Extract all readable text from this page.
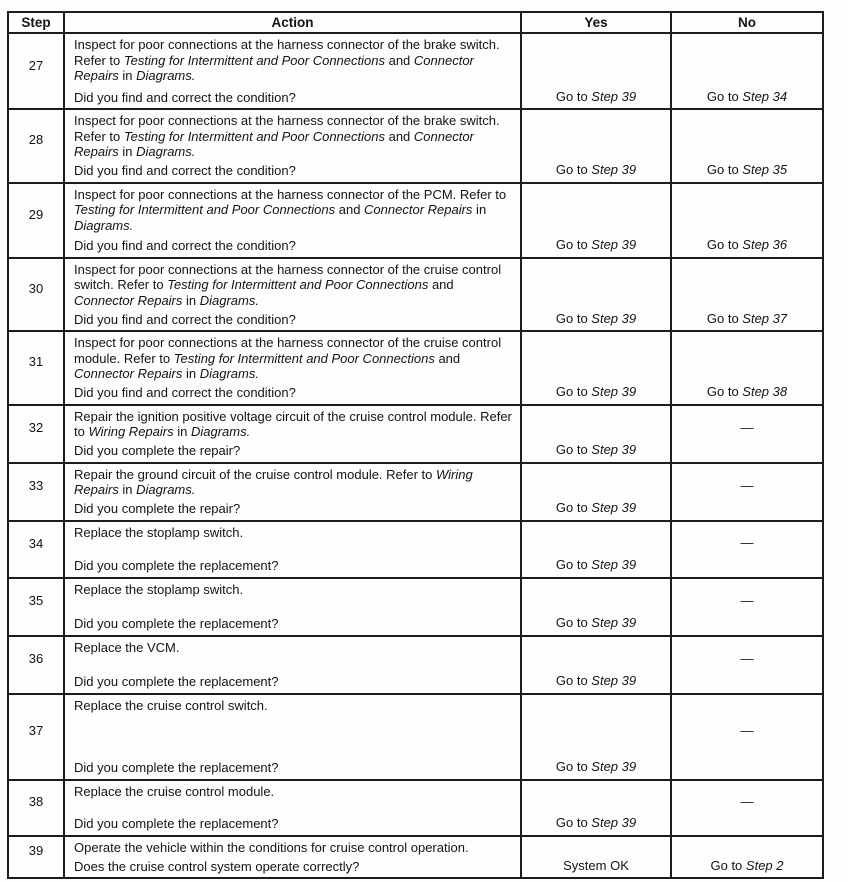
Step	Action	Yes	No
27	Inspect for poor connections at the harness connector of the brake switch. Refer to Testing for Intermittent and Poor Connections and Connector Repairs in Diagrams.
Did you find and correct the condition?	Go to Step 39	Go to Step 34

28	Inspect for poor connections at the harness connector of the brake switch. Refer to Testing for Intermittent and Poor Connections and Connector Repairs in Diagrams.
Did you find and correct the condition?	Go to Step 39	Go to Step 35

29	Inspect for poor connections at the harness connector of the PCM. Refer to Testing for Intermittent and Poor Connections and Connector Repairs in Diagrams.
Did you find and correct the condition?	Go to Step 39	Go to Step 36

30	Inspect for poor connections at the harness connector of the cruise control switch. Refer to Testing for Intermittent and Poor Connections and Connector Repairs in Diagrams.
Did you find and correct the condition?	Go to Step 39	Go to Step 37

31	Inspect for poor connections at the harness connector of the cruise control module. Refer to Testing for Intermittent and Poor Connections and Connector Repairs in Diagrams.
Did you find and correct the condition?	Go to Step 39	Go to Step 38

32	Repair the ignition positive voltage circuit of the cruise control module. Refer to Wiring Repairs in Diagrams.
Did you complete the repair?	Go to Step 39	—

33	Repair the ground circuit of the cruise control module. Refer to Wiring Repairs in Diagrams.
Did you complete the repair?	Go to Step 39	—

34	Replace the stoplamp switch.
Did you complete the replacement?	Go to Step 39	—

35	Replace the stoplamp switch.
Did you complete the replacement?	Go to Step 39	—

36	Replace the VCM.
Did you complete the replacement?	Go to Step 39	—

37	Replace the cruise control switch.
Did you complete the replacement?	Go to Step 39	—

38	Replace the cruise control module.
Did you complete the replacement?	Go to Step 39	—

39	Operate the vehicle within the conditions for cruise control operation.
Does the cruise control system operate correctly?	System OK	Go to Step 2
